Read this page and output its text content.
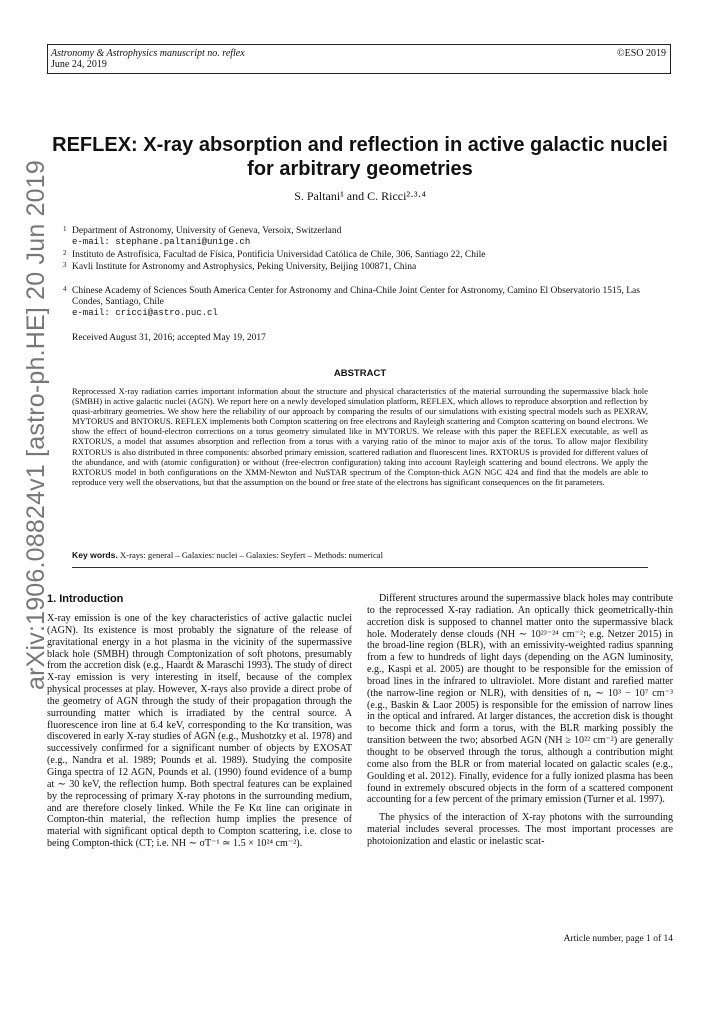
Astronomy & Astrophysics manuscript no. reflex
June 24, 2019
©ESO 2019
arXiv:1906.08824v1 [astro-ph.HE] 20 Jun 2019
REFLEX: X-ray absorption and reflection in active galactic nuclei for arbitrary geometries
S. Paltani¹ and C. Ricci²·³·⁴
1 Department of Astronomy, University of Geneva, Versoix, Switzerland
e-mail: stephane.paltani@unige.ch
2 Instituto de Astrofísica, Facultad de Física, Pontificia Universidad Católica de Chile, 306, Santiago 22, Chile
3 Kavli Institute for Astronomy and Astrophysics, Peking University, Beijing 100871, China
4 Chinese Academy of Sciences South America Center for Astronomy and China-Chile Joint Center for Astronomy, Camino El Observatorio 1515, Las Condes, Santiago, Chile
e-mail: cricci@astro.puc.cl
Received August 31, 2016; accepted May 19, 2017
ABSTRACT
Reprocessed X-ray radiation carries important information about the structure and physical characteristics of the material surrounding the supermassive black hole (SMBH) in active galactic nuclei (AGN). We report here on a newly developed simulation platform, REFLEX, which allows to reproduce absorption and reflection by quasi-arbitrary geometries. We show here the reliability of our approach by comparing the results of our simulations with existing spectral models such as PEXRAV, MYTORUS and BNTORUS. REFLEX implements both Compton scattering on free electrons and Rayleigh scattering and Compton scattering on bound electrons. We show the effect of bound-electron corrections on a torus geometry simulated like in MYTORUS. We release with this paper the REFLEX executable, as well as RXTORUS, a model that assumes absorption and reflection from a torus with a varying ratio of the minor to major axis of the torus. To allow major flexibility RXTORUS is also distributed in three components: absorbed primary emission, scattered radiation and fluorescent lines. RXTORUS is provided for different values of the abundance, and with (atomic configuration) or without (free-electron configuration) taking into account Rayleigh scattering and bound electrons. We apply the RXTORUS model in both configurations on the XMM-Newton and NuSTAR spectrum of the Compton-thick AGN NGC 424 and find that the models are able to reproduce very well the observations, but that the assumption on the bound or free state of the electrons has significant consequences on the fit parameters.
Key words. X-rays: general – Galaxies: nuclei – Galaxies: Seyfert – Methods: numerical
1. Introduction

X-ray emission is one of the key characteristics of active galactic nuclei (AGN). Its existence is most probably the signature of the release of gravitational energy in a hot plasma in the vicinity of the supermassive black hole (SMBH) through Comptonization of soft photons, presumably from the accretion disk (e.g., Haardt & Maraschi 1993). The study of direct X-ray emission is very interesting in itself, because of the complex physical processes at play. However, X-rays also provide a direct probe of the geometry of AGN through the study of their propagation through the surrounding matter which is irradiated by the central source. A fluorescence iron line at 6.4 keV, corresponding to the Kα transition, was discovered in early X-ray studies of AGN (e.g., Mushotzky et al. 1978) and successively confirmed for a significant number of objects by EXOSAT (e.g., Nandra et al. 1989; Pounds et al. 1989). Studying the composite Ginga spectra of 12 AGN, Pounds et al. (1990) found evidence of a bump at ∼ 30 keV, the reflection hump. Both spectral features can be explained by the reprocessing of primary X-ray photons in the surrounding medium, and are therefore closely linked. While the Fe Kα line can originate in Compton-thin material, the reflection hump implies the presence of material with significant optical depth to Compton scattering, i.e. close to being Compton-thick (CT; i.e. NH ∼ σT⁻¹ ≃ 1.5 × 10²⁴ cm⁻²).

Different structures around the supermassive black holes may contribute to the reprocessed X-ray radiation. An optically thick geometrically-thin accretion disk is supposed to channel matter onto the supermassive black hole. Moderately dense clouds (NH ∼ 10²³⁻²⁴ cm⁻²; e.g. Netzer 2015) in the broad-line region (BLR), with an emissivity-weighted radius spanning from a few to hundreds of light days (depending on the AGN luminosity, e.g., Kaspi et al. 2005) are thought to be responsible for the emission of broad lines in the infrared to ultraviolet. More distant and rarefied matter (the narrow-line region or NLR), with densities of nₑ ∼ 10³ − 10⁷ cm⁻³ (e.g., Baskin & Laor 2005) is responsible for the emission of narrow lines in the optical and infrared. At larger distances, the accretion disk is thought to become thick and form a torus, with the BLR marking possibly the transition between the two; absorbed AGN (NH ≥ 10²² cm⁻²) are generally thought to be observed through the torus, although a contribution might come also from the BLR or from material located on galactic scales (e.g., Goulding et al. 2012). Finally, evidence for a fully ionized plasma has been found in extremely obscured objects in the form of a scattered component accounting for a few percent of the primary emission (Turner et al. 1997).

The physics of the interaction of X-ray photons with the surrounding material includes several processes. The most important processes are photoionization and elastic or inelastic scat-

Article number, page 1 of 14
